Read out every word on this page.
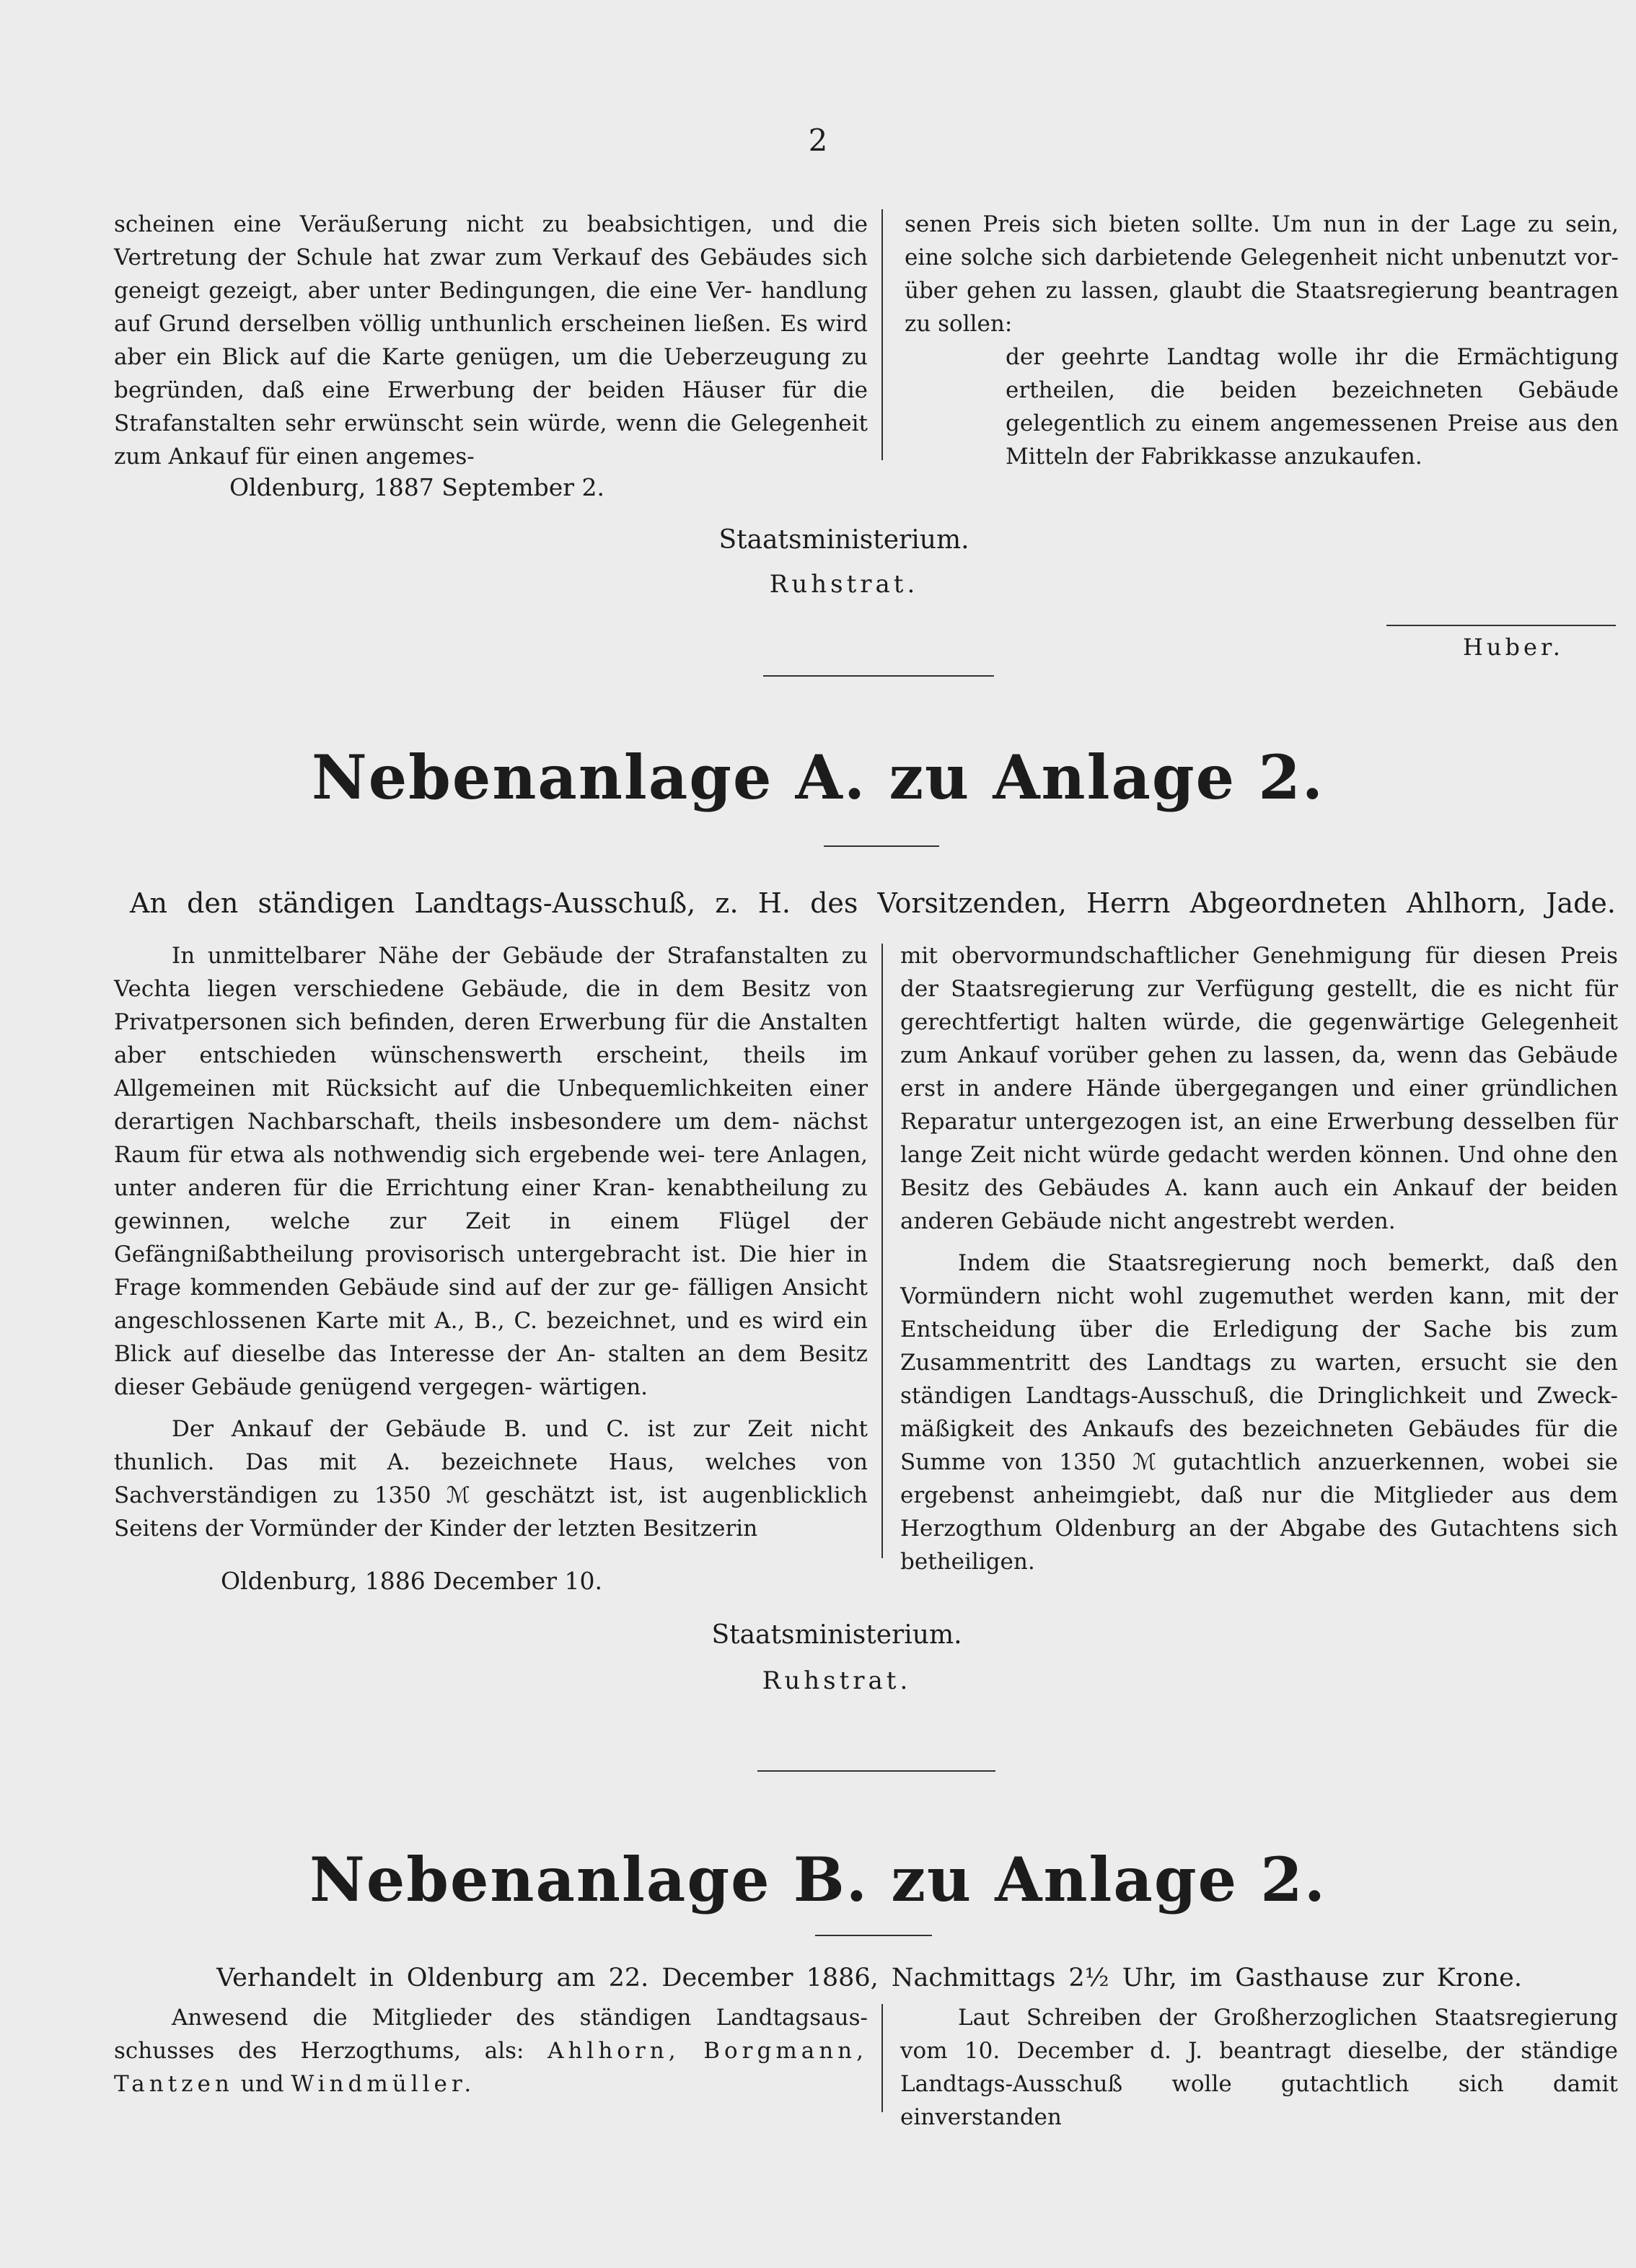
2

scheinen eine Veräußerung nicht zu beabsichtigen, und die Vertretung der Schule hat zwar zum Verkauf des Gebäudes sich geneigt gezeigt, aber unter Bedingungen, die eine Ver- handlung auf Grund derselben völlig unthunlich erscheinen ließen. Es wird aber ein Blick auf die Karte genügen, um die Ueberzeugung zu begründen, daß eine Erwerbung der beiden Häuser für die Strafanstalten sehr erwünscht sein würde, wenn die Gelegenheit zum Ankauf für einen angemes-

senen Preis sich bieten sollte. Um nun in der Lage zu sein, eine solche sich darbietende Gelegenheit nicht unbenutzt vor- über gehen zu lassen, glaubt die Staatsregierung beantragen zu sollen:

der geehrte Landtag wolle ihr die Ermächtigung ertheilen, die beiden bezeichneten Gebäude gelegentlich zu einem angemessenen Preise aus den Mitteln der Fabrikkasse anzukaufen.

Oldenburg, 1887 September 2.
Staatsministerium.
Ruhstrat.
Huber.
Nebenanlage A. zu Anlage 2.
An den ständigen Landtags-Ausschuß, z. H. des Vorsitzenden, Herrn Abgeordneten Ahlhorn, Jade.

In unmittelbarer Nähe der Gebäude der Strafanstalten zu Vechta liegen verschiedene Gebäude, die in dem Besitz von Privatpersonen sich befinden, deren Erwerbung für die Anstalten aber entschieden wünschenswerth erscheint, theils im Allgemeinen mit Rücksicht auf die Unbequemlichkeiten einer derartigen Nachbarschaft, theils insbesondere um dem- nächst Raum für etwa als nothwendig sich ergebende wei- tere Anlagen, unter anderen für die Errichtung einer Kran- kenabtheilung zu gewinnen, welche zur Zeit in einem Flügel der Gefängnißabtheilung provisorisch untergebracht ist. Die hier in Frage kommenden Gebäude sind auf der zur ge- fälligen Ansicht angeschlossenen Karte mit A., B., C. bezeichnet, und es wird ein Blick auf dieselbe das Interesse der An- stalten an dem Besitz dieser Gebäude genügend vergegen- wärtigen.

Der Ankauf der Gebäude B. und C. ist zur Zeit nicht thunlich. Das mit A. bezeichnete Haus, welches von Sachverständigen zu 1350 ℳ geschätzt ist, ist augenblicklich Seitens der Vormünder der Kinder der letzten Besitzerin

mit obervormundschaftlicher Genehmigung für diesen Preis der Staatsregierung zur Verfügung gestellt, die es nicht für gerechtfertigt halten würde, die gegenwärtige Gelegenheit zum Ankauf vorüber gehen zu lassen, da, wenn das Gebäude erst in andere Hände übergegangen und einer gründlichen Reparatur untergezogen ist, an eine Erwerbung desselben für lange Zeit nicht würde gedacht werden können. Und ohne den Besitz des Gebäudes A. kann auch ein Ankauf der beiden anderen Gebäude nicht angestrebt werden.

Indem die Staatsregierung noch bemerkt, daß den Vormündern nicht wohl zugemuthet werden kann, mit der Entscheidung über die Erledigung der Sache bis zum Zusammentritt des Landtags zu warten, ersucht sie den ständigen Landtags-Ausschuß, die Dringlichkeit und Zweck- mäßigkeit des Ankaufs des bezeichneten Gebäudes für die Summe von 1350 ℳ gutachtlich anzuerkennen, wobei sie ergebenst anheimgiebt, daß nur die Mitglieder aus dem Herzogthum Oldenburg an der Abgabe des Gutachtens sich betheiligen.

Oldenburg, 1886 December 10.
Staatsministerium.
Ruhstrat.
Nebenanlage B. zu Anlage 2.
Verhandelt in Oldenburg am 22. December 1886, Nachmittags 2½ Uhr, im Gasthause zur Krone.

Anwesend die Mitglieder des ständigen Landtagsaus- schusses des Herzogthums, als: Ahlhorn, Borgmann, Tantzen und Windmüller.

Laut Schreiben der Großherzoglichen Staatsregierung vom 10. December d. J. beantragt dieselbe, der ständige Landtags-Ausschuß wolle gutachtlich sich damit einverstanden
